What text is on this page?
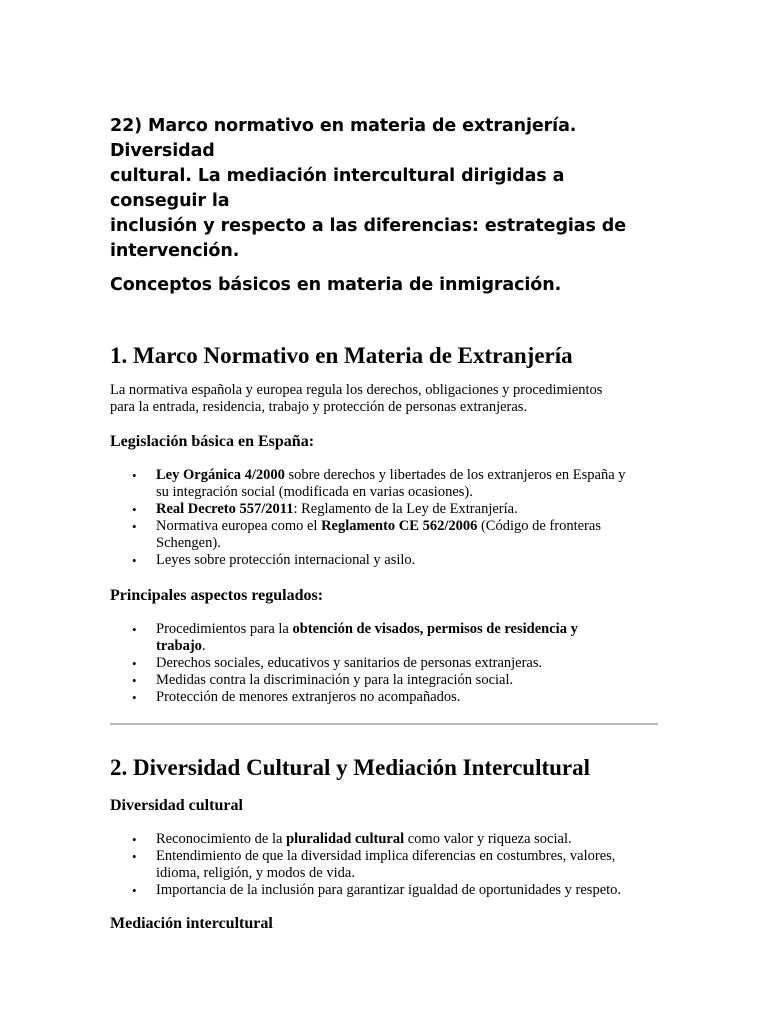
22) Marco normativo en materia de extranjería. Diversidad
cultural. La mediación intercultural dirigidas a conseguir la
inclusión y respecto a las diferencias: estrategias de
intervención.
Conceptos básicos en materia de inmigración.
1. Marco Normativo en Materia de Extranjería

La normativa española y europea regula los derechos, obligaciones y procedimientos
para la entrada, residencia, trabajo y protección de personas extranjeras.

Legislación básica en España:
• Ley Orgánica 4/2000 sobre derechos y libertades de los extranjeros en España y
su integración social (modificada en varias ocasiones).
• Real Decreto 557/2011: Reglamento de la Ley de Extranjería.
• Normativa europea como el Reglamento CE 562/2006 (Código de fronteras
Schengen).
• Leyes sobre protección internacional y asilo.
Principales aspectos regulados:
• Procedimientos para la obtención de visados, permisos de residencia y
trabajo.
• Derechos sociales, educativos y sanitarios de personas extranjeras.
• Medidas contra la discriminación y para la integración social.
• Protección de menores extranjeros no acompañados.
2. Diversidad Cultural y Mediación Intercultural
Diversidad cultural
• Reconocimiento de la pluralidad cultural como valor y riqueza social.
• Entendimiento de que la diversidad implica diferencias en costumbres, valores,
idioma, religión, y modos de vida.
• Importancia de la inclusión para garantizar igualdad de oportunidades y respeto.
Mediación intercultural
